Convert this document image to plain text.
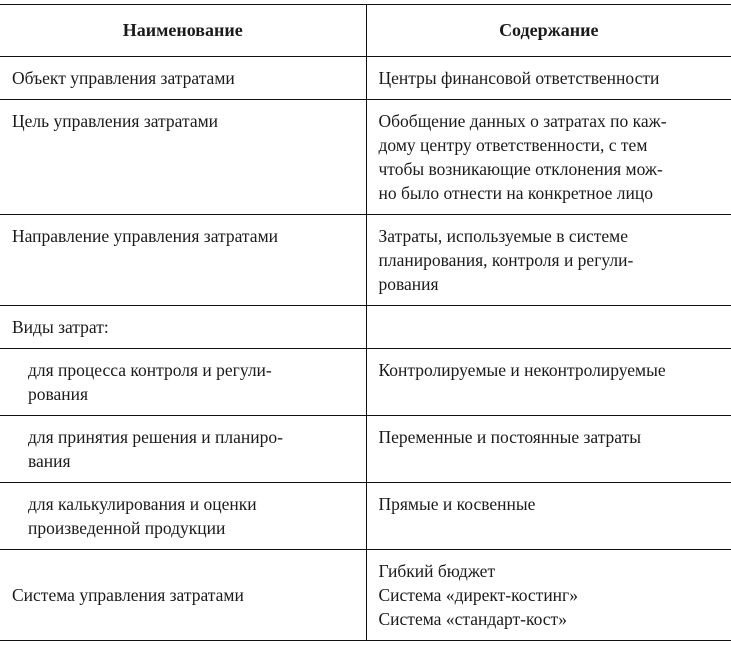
Наименование	Содержание

Объект управления затратами	Центры финансовой ответственности

Цель управления затратами	Обобщение данных о затратах по каж-
дому центру ответственности, с тем
чтобы возникающие отклонения мож-
но было отнести на конкретное лицо

Направление управления затратами	Затраты, используемые в системе
планирования, контроля и регули-
рования

Виды затрат:	

для процесса контроля и регули-
рования	Контролируемые и неконтролируемые

для принятия решения и планиро-
вания	Переменные и постоянные затраты

для калькулирования и оценки
произведенной продукции	Прямые и косвенные

Система управления затратами	Гибкий бюджет
Система «директ-костинг»
Система «стандарт-кост»
